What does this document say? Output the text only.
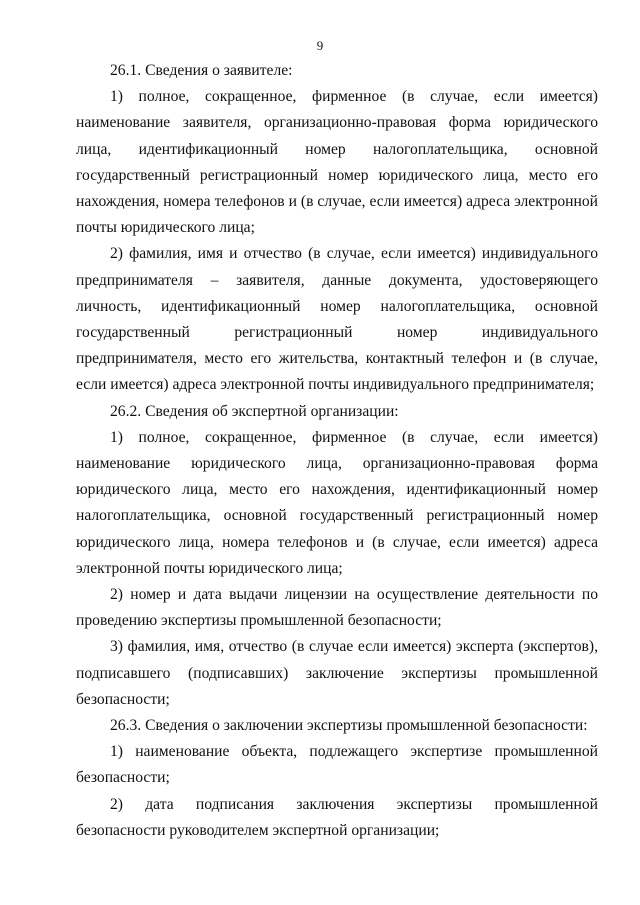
9

26.1. Сведения о заявителе:

1) полное, сокращенное, фирменное (в случае, если имеется) наименование заявителя, организационно-правовая форма юридического лица, идентификационный номер налогоплательщика, основной государственный регистрационный номер юридического лица, место его нахождения, номера телефонов и (в случае, если имеется) адреса электронной почты юридического лица;

2) фамилия, имя и отчество (в случае, если имеется) индивидуального предпринимателя – заявителя, данные документа, удостоверяющего личность, идентификационный номер налогоплательщика, основной государственный регистрационный номер индивидуального предпринимателя, место его жительства, контактный телефон и (в случае, если имеется) адреса электронной почты индивидуального предпринимателя;

26.2. Сведения об экспертной организации:

1) полное, сокращенное, фирменное (в случае, если имеется) наименование юридического лица, организационно-правовая форма юридического лица, место его нахождения, идентификационный номер налогоплательщика, основной государственный регистрационный номер юридического лица, номера телефонов и (в случае, если имеется) адреса электронной почты юридического лица;

2) номер и дата выдачи лицензии на осуществление деятельности по проведению экспертизы промышленной безопасности;

3) фамилия, имя, отчество (в случае если имеется) эксперта (экспертов), подписавшего (подписавших) заключение экспертизы промышленной безопасности;

26.3. Сведения о заключении экспертизы промышленной безопасности:

1) наименование объекта, подлежащего экспертизе промышленной безопасности;

2) дата подписания заключения экспертизы промышленной безопасности руководителем экспертной организации;
